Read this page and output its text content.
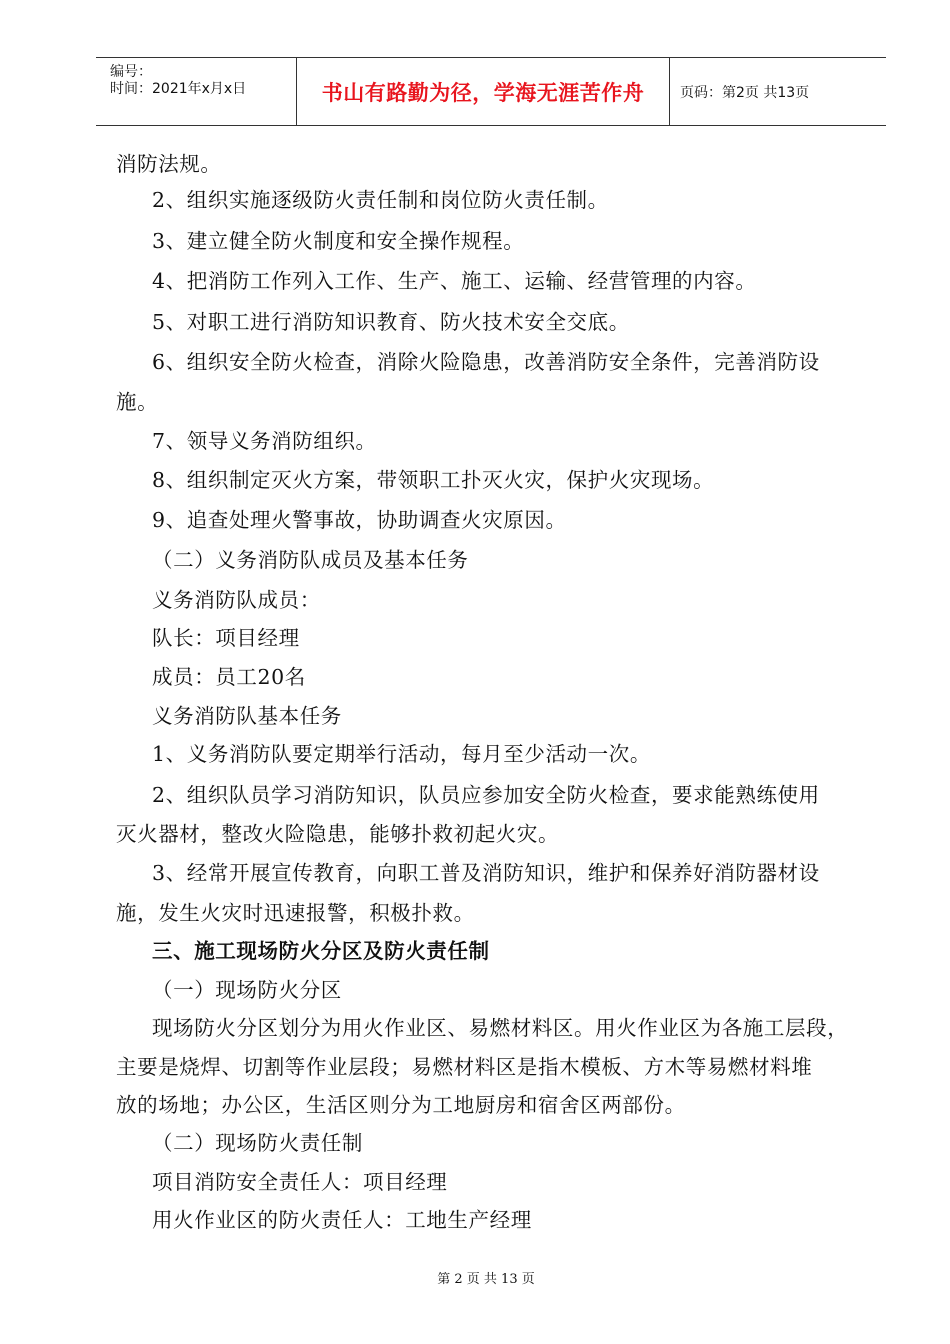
编号：
时间：2021年x月x日	书山有路勤为径，学海无涯苦作舟	页码：第2页 共13页
消防法规。
2、组织实施逐级防火责任制和岗位防火责任制。
3、建立健全防火制度和安全操作规程。
4、把消防工作列入工作、生产、施工、运输、经营管理的内容。
5、对职工进行消防知识教育、防火技术安全交底。
6、组织安全防火检查，消除火险隐患，改善消防安全条件，完善消防设
施。
7、领导义务消防组织。
8、组织制定灭火方案，带领职工扑灭火灾，保护火灾现场。
9、追查处理火警事故，协助调查火灾原因。
（二）义务消防队成员及基本任务
义务消防队成员：
队长：项目经理
成员：员工20名
义务消防队基本任务
1、义务消防队要定期举行活动，每月至少活动一次。
2、组织队员学习消防知识，队员应参加安全防火检查，要求能熟练使用
灭火器材，整改火险隐患，能够扑救初起火灾。
3、经常开展宣传教育，向职工普及消防知识，维护和保养好消防器材设
施，发生火灾时迅速报警，积极扑救。
三、施工现场防火分区及防火责任制
（一）现场防火分区
现场防火分区划分为用火作业区、易燃材料区。用火作业区为各施工层段，
主要是烧焊、切割等作业层段；易燃材料区是指木模板、方木等易燃材料堆
放的场地；办公区，生活区则分为工地厨房和宿舍区两部份。
（二）现场防火责任制
项目消防安全责任人：项目经理
用火作业区的防火责任人：工地生产经理
第 2 页 共 13 页
